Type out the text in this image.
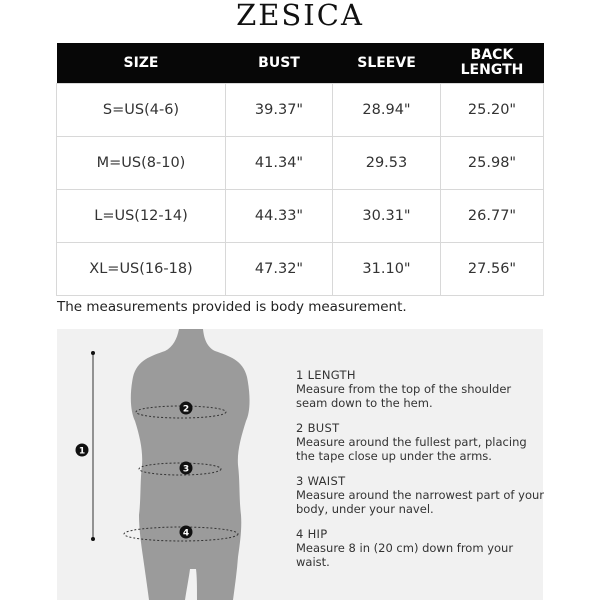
ZESICA
SIZE	BUST	SLEEVE	BACK LENGTH
S=US(4-6)	39.37"	28.94"	25.20"
M=US(8-10)	41.34"	29.53	25.98"
L=US(12-14)	44.33"	30.31"	26.77"
XL=US(16-18)	47.32"	31.10"	27.56"
The measurements provided is body measurement.
1
2
3
4
1 LENGTH
Measure from the top of the shoulder seam down to the hem.
2 BUST
Measure around the fullest part, placing the tape close up under the arms.
3 WAIST
Measure around the narrowest part of your body, under your navel.
4 HIP
Measure 8 in (20 cm) down from your waist.
